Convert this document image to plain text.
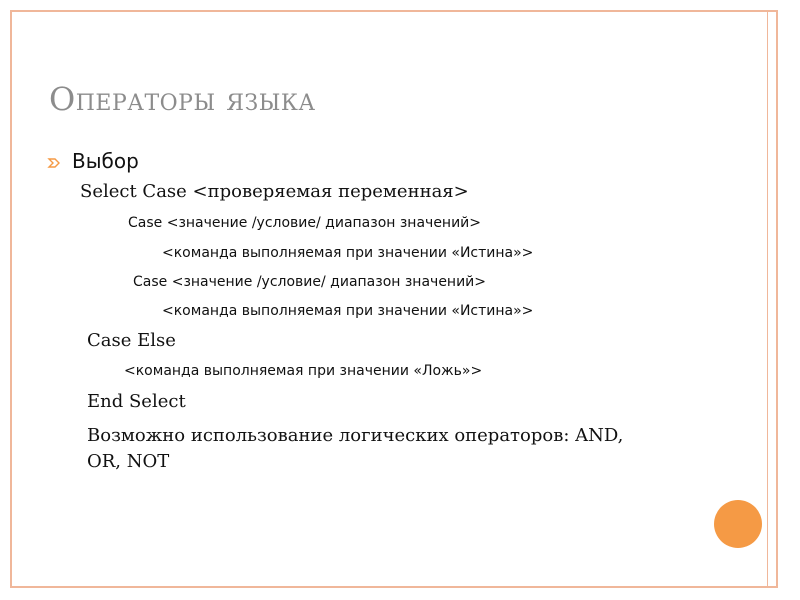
Операторы языка
Выбор
Select Case <проверяемая переменная>
Case <значение /условие/ диапазон значений>
<команда выполняемая при значении «Истина»>
Case <значение /условие/ диапазон значений>
<команда выполняемая при значении «Истина»>
Case Else
<команда выполняемая при значении «Ложь»>
End Select
Возможно использование логических операторов: AND,
OR, NOT
